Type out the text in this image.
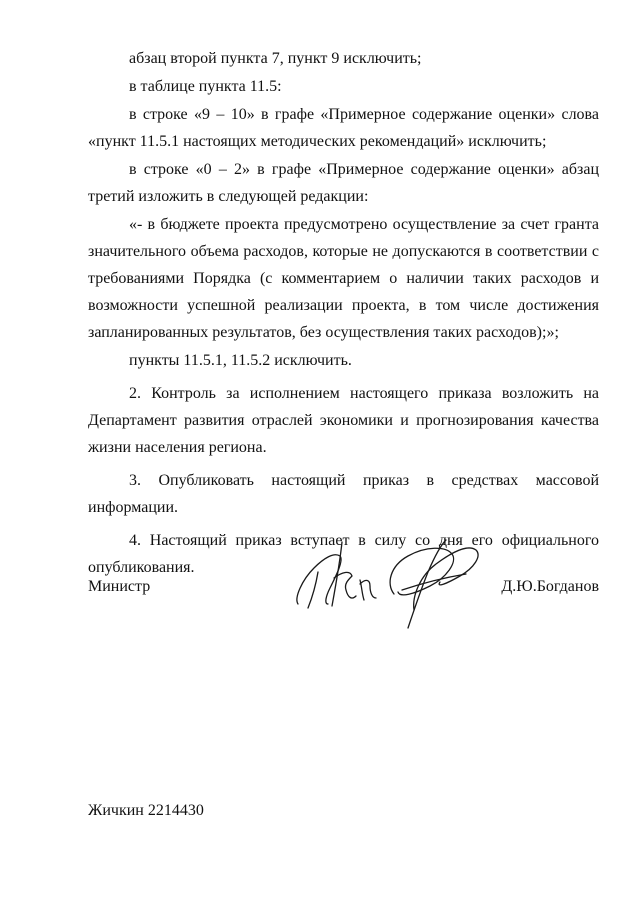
абзац второй пункта 7, пункт 9 исключить;

в таблице пункта 11.5:

в строке «9 – 10» в графе «Примерное содержание оценки» слова «пункт 11.5.1 настоящих методических рекомендаций» исключить;

в строке «0 – 2» в графе «Примерное содержание оценки» абзац третий изложить в следующей редакции:

«- в бюджете проекта предусмотрено осуществление за счет гранта значительного объема расходов, которые не допускаются в соответствии с требованиями Порядка (с комментарием о наличии таких расходов и возможности успешной реализации проекта, в том числе достижения запланированных результатов, без осуществления таких расходов);»;

пункты 11.5.1, 11.5.2 исключить.

2. Контроль за исполнением настоящего приказа возложить на Департамент развития отраслей экономики и прогнозирования качества жизни населения региона.

3. Опубликовать настоящий приказ в средствах массовой информации.

4. Настоящий приказ вступает в силу со дня его официального опубликования.

Министр	Д.Ю.Богданов
Жичкин 2214430
